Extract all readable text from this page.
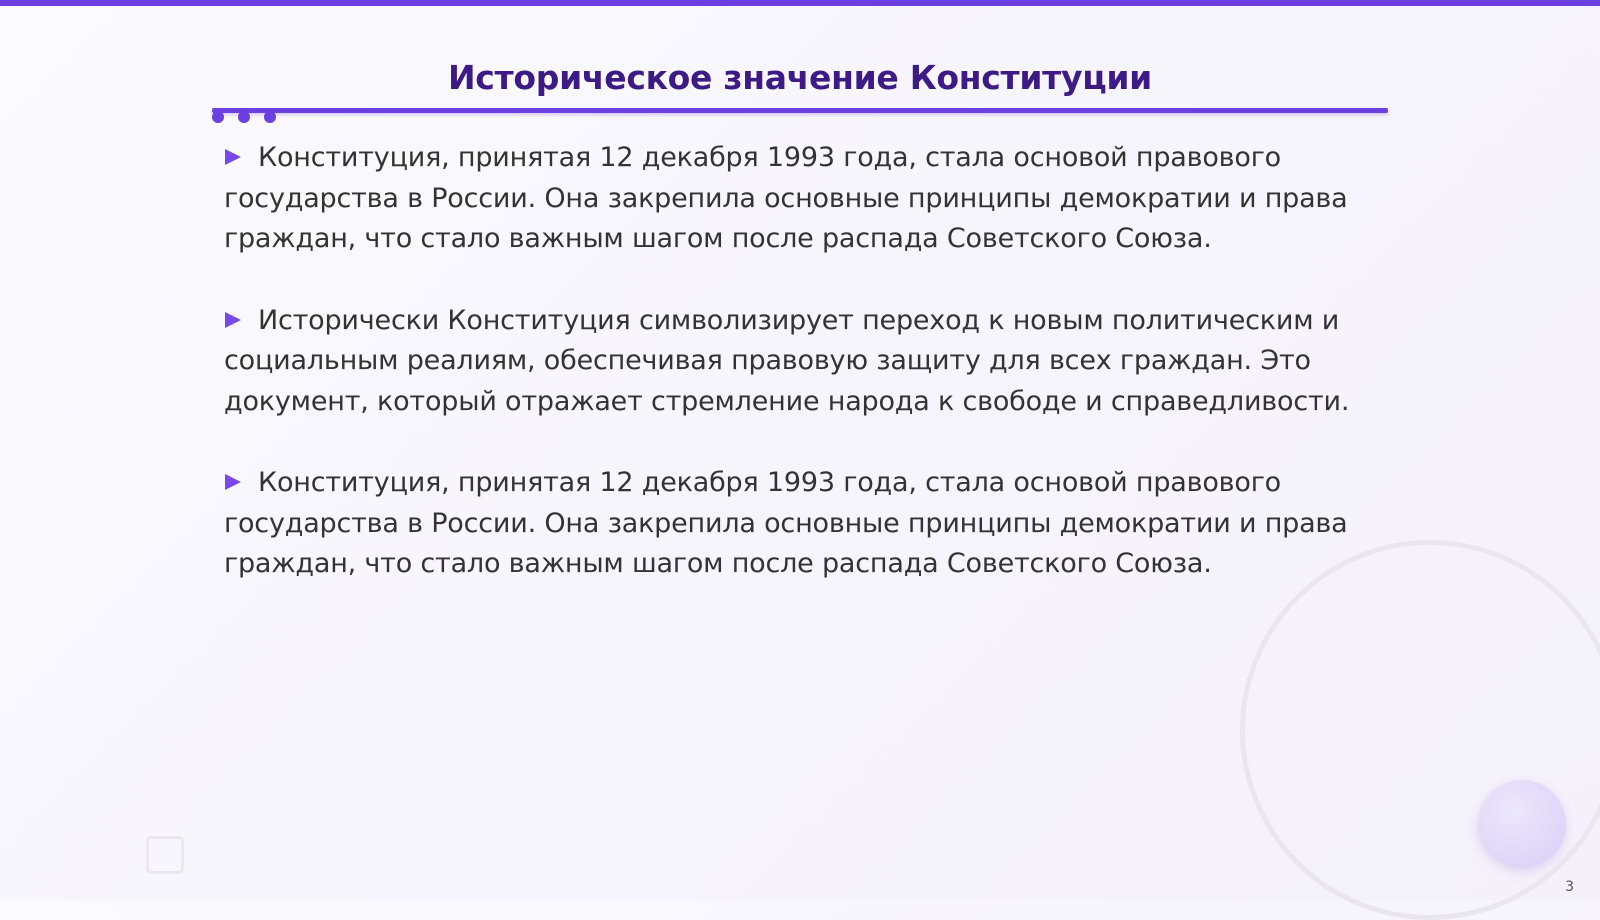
Историческое значение Конституции

Конституция, принятая 12 декабря 1993 года, стала основой правового государства в России. Она закрепила основные принципы демократии и права граждан, что стало важным шагом после распада Советского Союза.

Исторически Конституция символизирует переход к новым политическим и социальным реалиям, обеспечивая правовую защиту для всех граждан. Это документ, который отражает стремление народа к свободе и справедливости.

Конституция, принятая 12 декабря 1993 года, стала основой правового государства в России. Она закрепила основные принципы демократии и права граждан, что стало важным шагом после распада Советского Союза.

3
